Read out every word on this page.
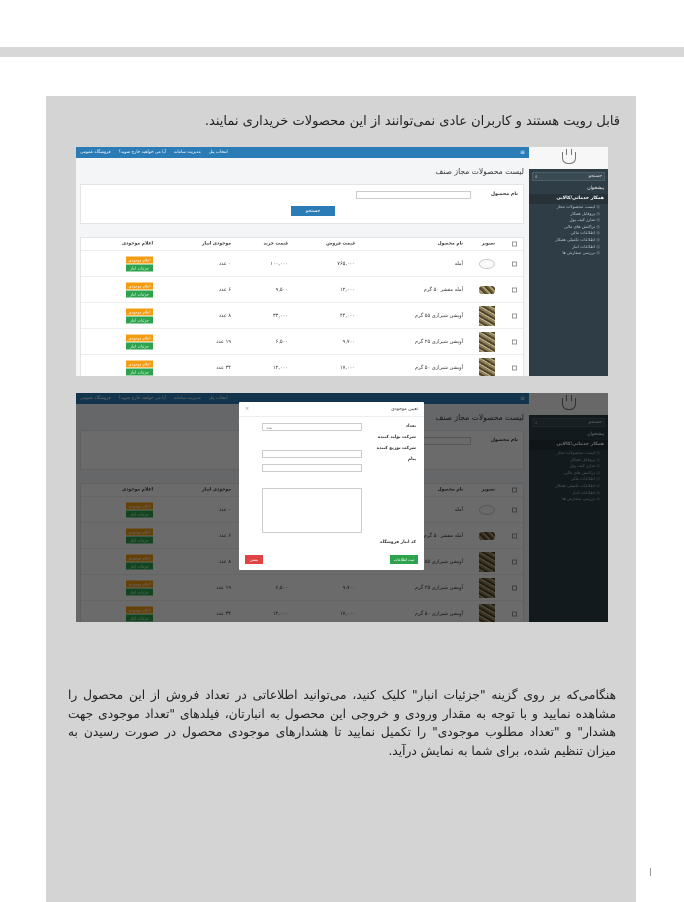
قابل رویت هستند و کاربران عادی نمی‌توانند از این محصولات خریداری نمایند.

جستجو
⌕
پیشخوان
همکار خدماتی/کالایی
◎ لیست محصولات مجاز
◎ پروفایل همکار
◎ شارژ کیف پول
◎ تراکنش های مالی
◎ اطلاعات مالی
◎ اطلاعات تکمیلی همکار
◎ اطلاعات انبار
◎ بررسی سفارش ها
فروشگاه عمومی آیا می خواهید خارج شوید؟ مدیریت سامانه انتخاب پنل	≡
لیست محصولات مجاز صنف
نام محصول
جستجو
تصویر
نام محصول
قیمت فروش
قیمت خرید
موجودی انبار
اعلام موجودی
آمله
۷۶۵,۰۰۰
۱۰۰,۰۰۰
۰ عدد
اعلام موجودی
جزئیات انبار
آمله مقشر ۵۰ گرم
۱۲,۰۰۰
۹,۵۰۰
۶ عدد
اعلام موجودی
جزئیات انبار
آویشن شیرازی ۵۵ گرم
۴۴,۰۰۰
۳۳,۰۰۰
۸ عدد
اعلام موجودی
جزئیات انبار
آویشن شیرازی ۲۵ گرم
۹,۷۰۰
۶,۵۰۰
۱۹ عدد
اعلام موجودی
جزئیات انبار
آویشن شیرازی ۵۰ گرم
۱۷,۰۰۰
۱۲,۰۰۰
۳۴ عدد
اعلام موجودی
جزئیات انبار
◎
◎
◎
◎
◎
◎
◎
◎
تعیین موجودی
×
تعداد
عدد
شرکت تولید کننده
شرکت توزیع کننده
پیام
کد انبار فروشگاه
ثبت اطلاعات
بستن

هنگامی‌که بر روی گزینه "جزئیات انبار" کلیک کنید، می‌توانید اطلاعاتی در تعداد فروش از این محصول را مشاهده نمایید و با توجه به مقدار ورودی و خروجی این محصول به انبارتان، فیلدهای "تعداد موجودی جهت هشدار" و "تعداد مطلوب موجودی" را تکمیل نمایید تا هشدارهای موجودی محصول در صورت رسیدن به میزان تنظیم شده، برای شما به نمایش درآید.
